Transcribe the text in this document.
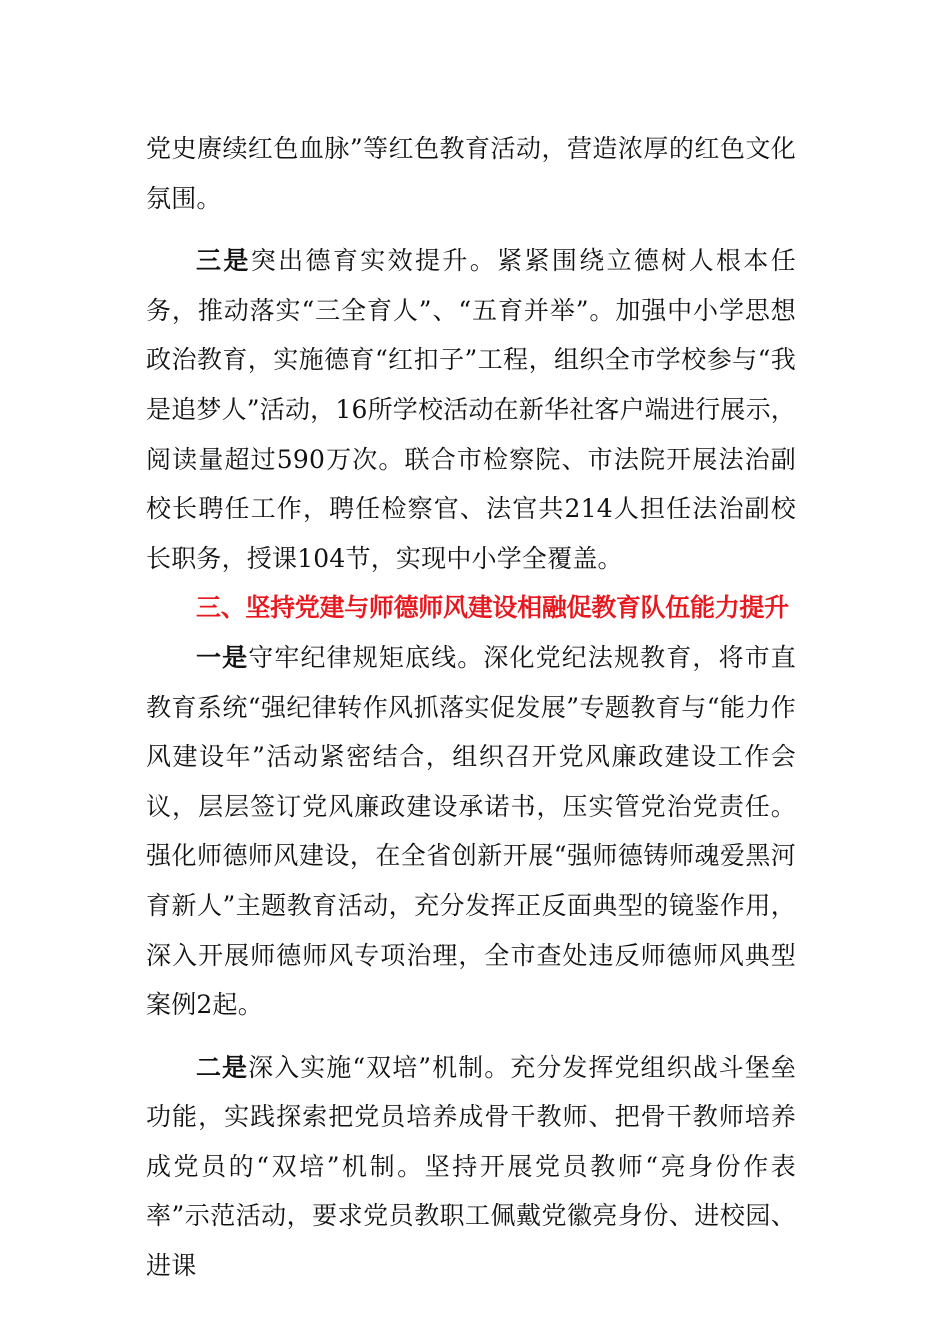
党史赓续红色血脉”等红色教育活动，营造浓厚的红色文化氛围。

三是突出德育实效提升。紧紧围绕立德树人根本任务，推动落实“三全育人”、“五育并举”。加强中小学思想政治教育，实施德育“红扣子”工程，组织全市学校参与“我是追梦人”活动，16所学校活动在新华社客户端进行展示，阅读量超过590万次。联合市检察院、市法院开展法治副校长聘任工作，聘任检察官、法官共214人担任法治副校长职务，授课104节，实现中小学全覆盖。

三、坚持党建与师德师风建设相融促教育队伍能力提升

一是守牢纪律规矩底线。深化党纪法规教育，将市直教育系统“强纪律转作风抓落实促发展”专题教育与“能力作风建设年”活动紧密结合，组织召开党风廉政建设工作会议，层层签订党风廉政建设承诺书，压实管党治党责任。强化师德师风建设，在全省创新开展“强师德铸师魂爱黑河育新人”主题教育活动，充分发挥正反面典型的镜鉴作用，深入开展师德师风专项治理，全市查处违反师德师风典型案例2起。

二是深入实施“双培”机制。充分发挥党组织战斗堡垒功能，实践探索把党员培养成骨干教师、把骨干教师培养成党员的“双培”机制。坚持开展党员教师“亮身份作表率”示范活动，要求党员教职工佩戴党徽亮身份、进校园、进课
